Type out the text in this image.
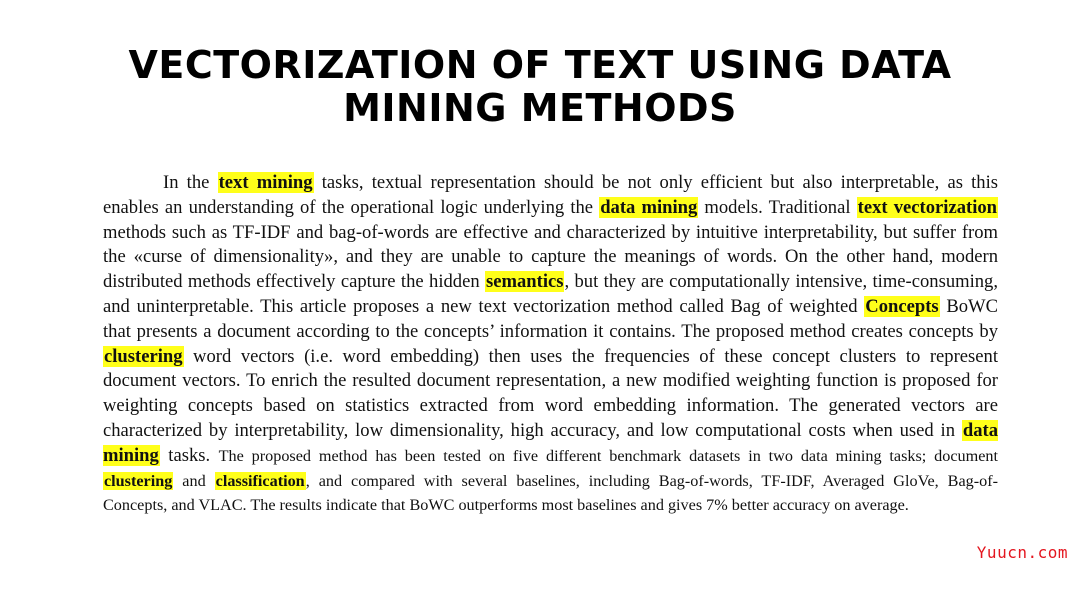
VECTORIZATION OF TEXT USING DATA
MINING METHODS

In the text mining tasks, textual representation should be not only efficient but also interpretable, as this enables an understanding of the operational logic underlying the data mining models. Traditional text vectorization methods such as TF-IDF and bag-of-words are effective and characterized by intuitive interpretability, but suffer from the «curse of dimensionality», and they are unable to capture the meanings of words. On the other hand, modern distributed methods effectively capture the hidden semantics, but they are computationally intensive, time-consuming, and uninterpretable. This article proposes a new text vectorization method called Bag of weighted Concepts BoWC that presents a document according to the concepts’ information it contains. The proposed method creates concepts by clustering word vectors (i.e. word embedding) then uses the frequencies of these concept clusters to represent document vectors. To enrich the resulted document representation, a new modified weighting function is proposed for weighting concepts based on statistics extracted from word embedding information. The generated vectors are characterized by interpretability, low dimensionality, high accuracy, and low computational costs when used in data mining tasks. The proposed method has been tested on five different benchmark datasets in two data mining tasks; document clustering and classification, and compared with several baselines, including Bag-of-words, TF-IDF, Averaged GloVe, Bag-of-Concepts, and VLAC. The results indicate that BoWC outperforms most baselines and gives 7% better accuracy on average.

Yuucn.com
